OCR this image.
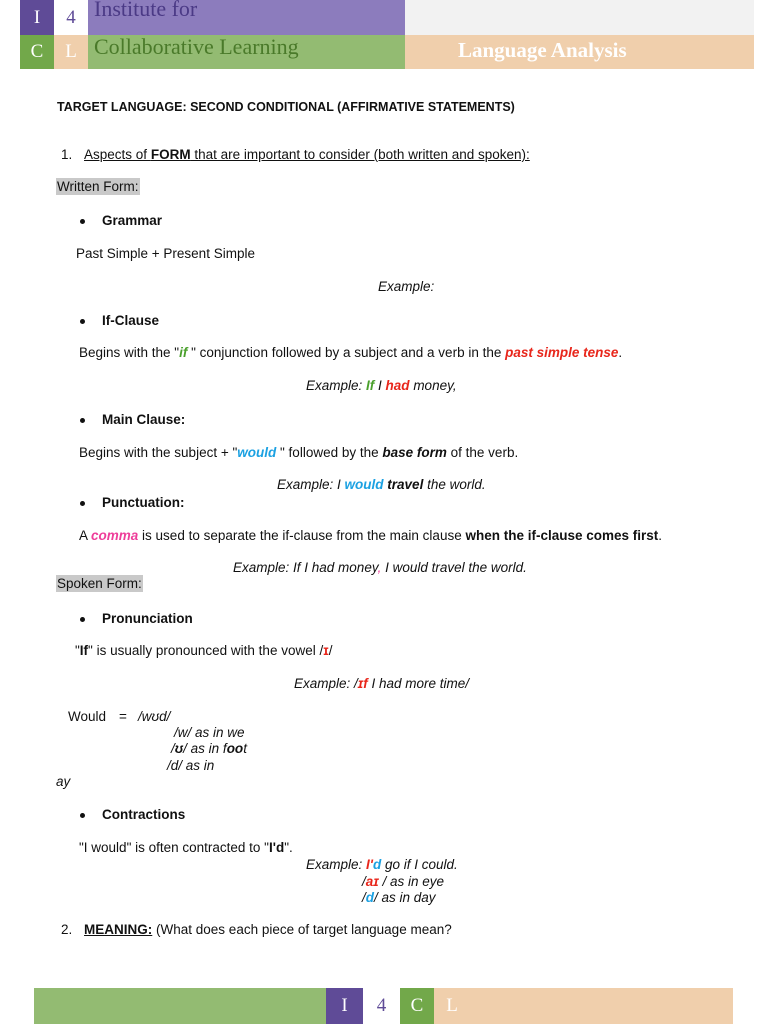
I	4
C	L
Institute for
Collaborative Learning	Language Analysis
TARGET LANGUAGE: SECOND CONDITIONAL (AFFIRMATIVE STATEMENTS)
1. Aspects of FORM that are important to consider (both written and spoken):
Written Form:
Grammar
Past Simple + Present Simple
Example:
If-Clause
Begins with the "if " conjunction followed by a subject and a verb in the past simple tense.
Example: If I had money,
Main Clause:
Begins with the subject + "would " followed by the base form of the verb.
Example: I would travel the world.
Punctuation:
A comma is used to separate the if-clause from the main clause when the if-clause comes first.
Example: If I had money, I would travel the world.
Spoken Form:
Pronunciation
"If" is usually pronounced with the vowel /ɪ/
Example: /ɪf I had more time/
Would = /wʊd/
/w/ as in we
/ʊ/ as in foot
/d/ as in
ay
Contractions
"I would" is often contracted to "I'd".
Example: I'd go if I could.
/aɪ / as in eye
/d/ as in day
2. MEANING: (What does each piece of target language mean?
I	4	C	L
